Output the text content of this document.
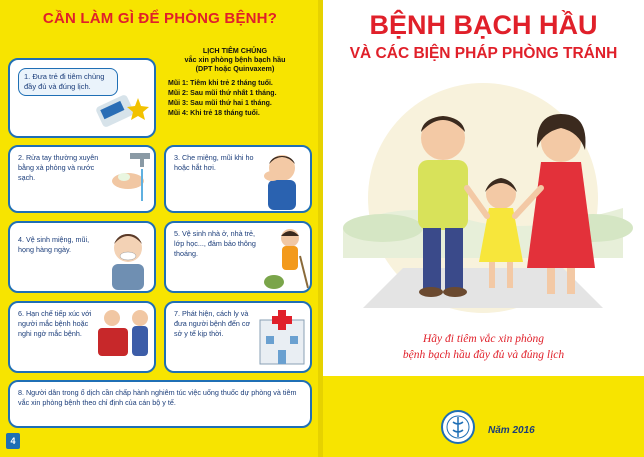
CẦN LÀM GÌ ĐỂ PHÒNG BỆNH?
1. Đưa trẻ đi tiêm chủng đầy đủ và đúng lịch.
LỊCH TIÊM CHỦNG
vắc xin phòng bệnh bạch hầu
(DPT hoặc Quinvaxem)
Mũi 1: Tiêm khi trẻ 2 tháng tuổi.
Mũi 2: Sau mũi thứ nhất 1 tháng.
Mũi 3: Sau mũi thứ hai 1 tháng.
Mũi 4: Khi trẻ 18 tháng tuổi.
2. Rửa tay thường xuyên bằng xà phòng và nước sạch.
3. Che miệng, mũi khi ho hoặc hắt hơi.
4. Vệ sinh miệng, mũi, họng hàng ngày.
5. Vệ sinh nhà ở, nhà trẻ, lớp học..., đảm bảo thông thoáng.
6. Hạn chế tiếp xúc với người mắc bệnh hoặc nghi ngờ mắc bệnh.
7. Phát hiện, cách ly và đưa người bệnh đến cơ sở y tế kịp thời.
8. Người dân trong ổ dịch cần chấp hành nghiêm túc việc uống thuốc dự phòng và tiêm vắc xin phòng bệnh theo chỉ định của cán bộ y tế.
4
BỆNH BẠCH HẦU
VÀ CÁC BIỆN PHÁP PHÒNG TRÁNH
Hãy đi tiêm vắc xin phòng
bệnh bạch hầu đầy đủ và đúng lịch
Năm 2016
